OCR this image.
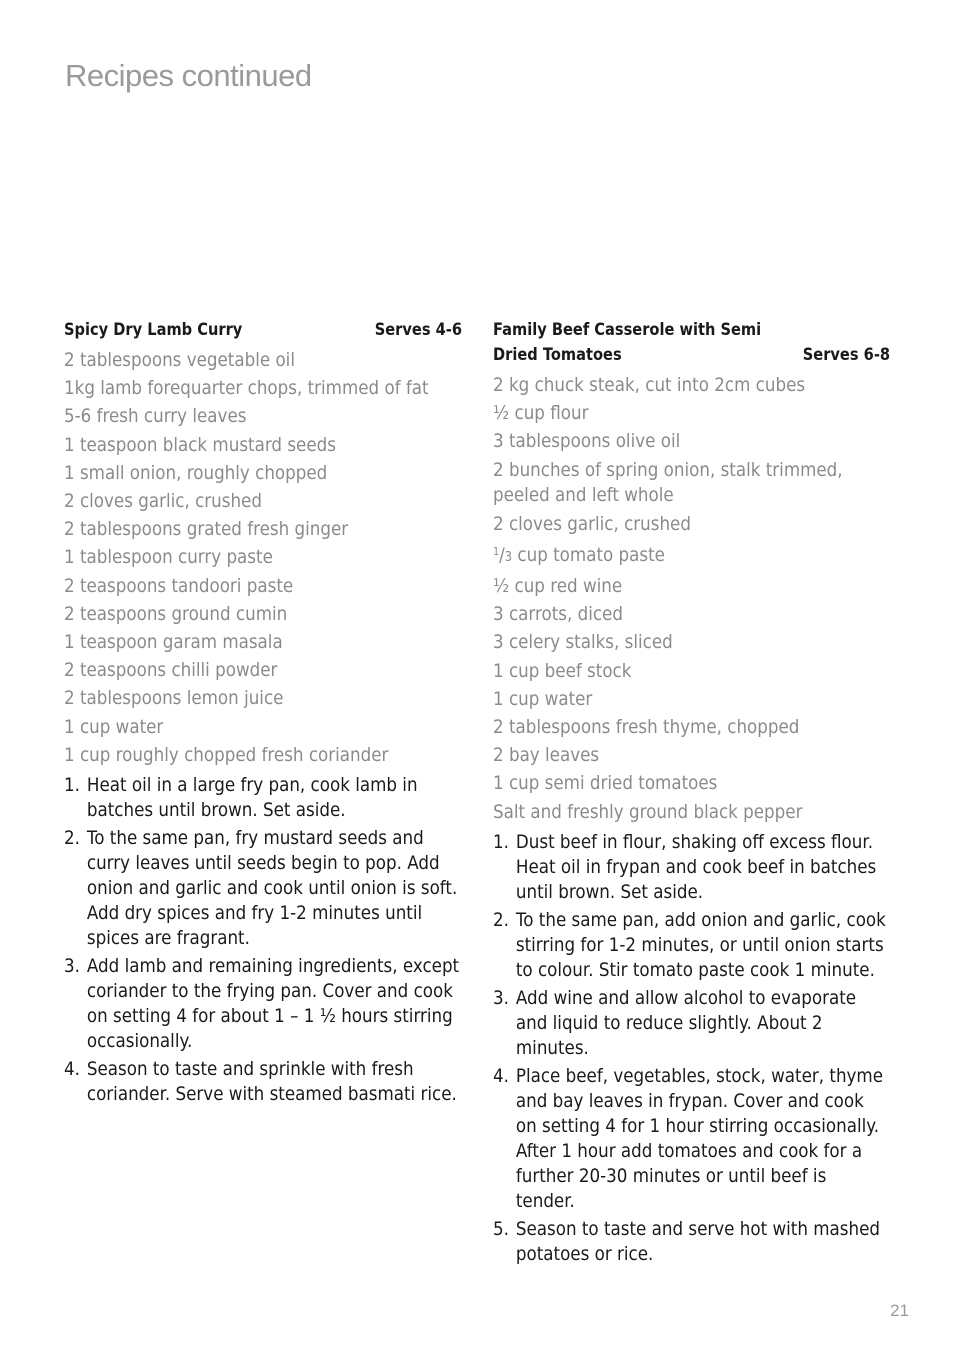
Recipes continued
Spicy Dry Lamb Curry	Serves 4-6
2 tablespoons vegetable oil
1kg lamb forequarter chops, trimmed of fat
5-6 fresh curry leaves
1 teaspoon black mustard seeds
1 small onion, roughly chopped
2 cloves garlic, crushed
2 tablespoons grated fresh ginger
1 tablespoon curry paste
2 teaspoons tandoori paste
2 teaspoons ground cumin
1 teaspoon garam masala
2 teaspoons chilli powder
2 tablespoons lemon juice
1 cup water
1 cup roughly chopped fresh coriander
1. Heat oil in a large fry pan, cook lamb in batches until brown. Set aside.
2. To the same pan, fry mustard seeds and curry leaves until seeds begin to pop. Add onion and garlic and cook until onion is soft. Add dry spices and fry 1-2 minutes until spices are fragrant.
3. Add lamb and remaining ingredients, except coriander to the frying pan. Cover and cook on setting 4 for about 1 – 1 ½ hours stirring occasionally.
4. Season to taste and sprinkle with fresh coriander. Serve with steamed basmati rice.
Family Beef Casserole with Semi
Dried Tomatoes	Serves 6-8
2 kg chuck steak, cut into 2cm cubes
½ cup flour
3 tablespoons olive oil
2 bunches of spring onion, stalk trimmed, peeled and left whole
2 cloves garlic, crushed
$^1$/3 cup tomato paste
½ cup red wine
3 carrots, diced
3 celery stalks, sliced
1 cup beef stock
1 cup water
2 tablespoons fresh thyme, chopped
2 bay leaves
1 cup semi dried tomatoes
Salt and freshly ground black pepper
1. Dust beef in flour, shaking off excess flour. Heat oil in frypan and cook beef in batches until brown. Set aside.
2. To the same pan, add onion and garlic, cook stirring for 1-2 minutes, or until onion starts to colour. Stir tomato paste cook 1 minute.
3. Add wine and allow alcohol to evaporate and liquid to reduce slightly. About 2 minutes.
4. Place beef, vegetables, stock, water, thyme and bay leaves in frypan. Cover and cook on setting 4 for 1 hour stirring occasionally. After 1 hour add tomatoes and cook for a further 20-30 minutes or until beef is tender.
5. Season to taste and serve hot with mashed potatoes or rice.
21
